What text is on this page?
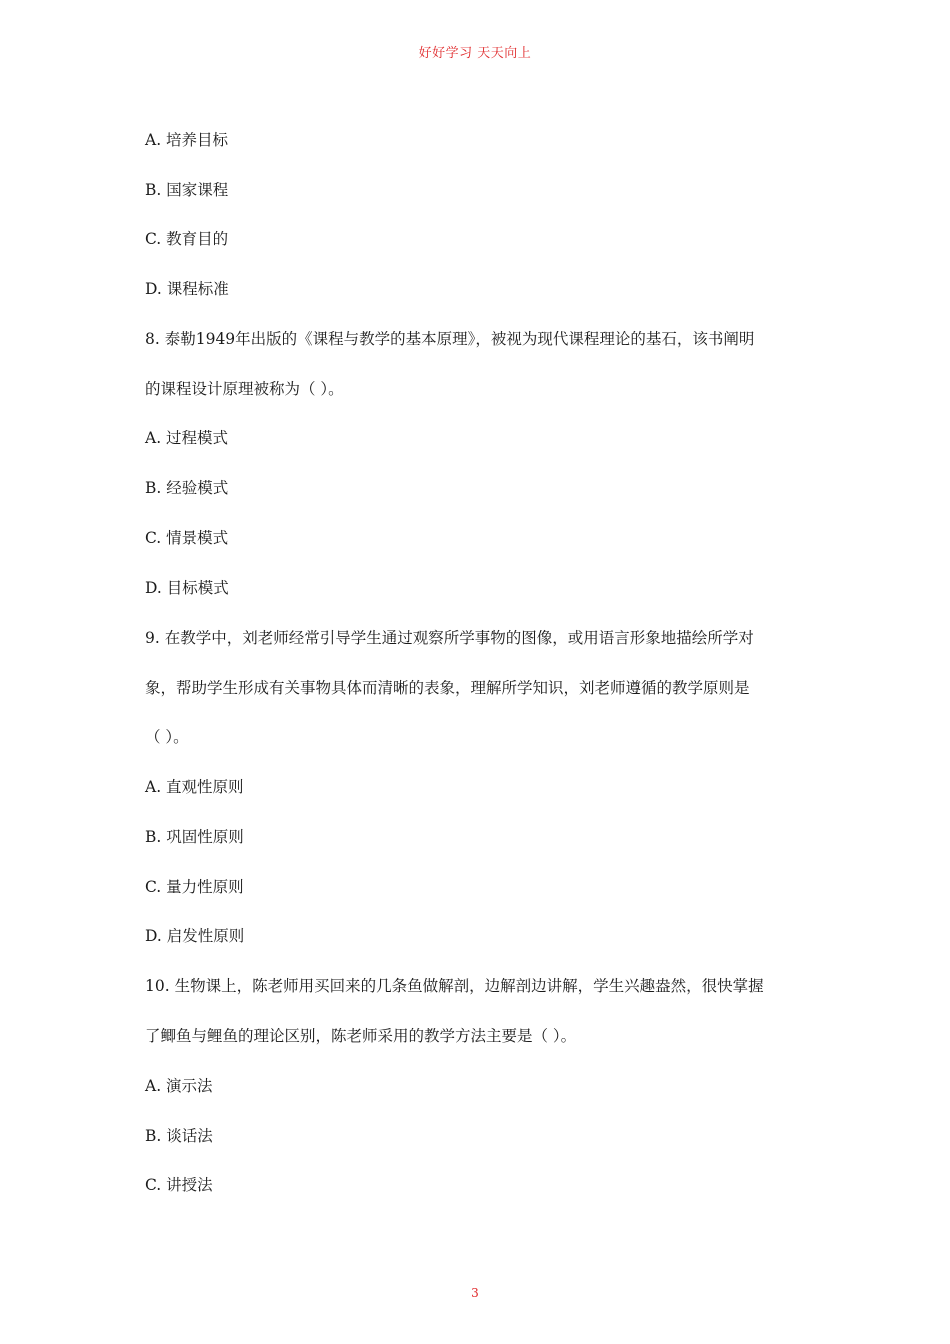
好好学习 天天向上
A. 培养目标
B. 国家课程
C. 教育目的
D. 课程标准
8. 泰勒1949年出版的《课程与教学的基本原理》，被视为现代课程理论的基石，该书阐明
的课程设计原理被称为（ ）。
A. 过程模式
B. 经验模式
C. 情景模式
D. 目标模式
9. 在教学中，刘老师经常引导学生通过观察所学事物的图像，或用语言形象地描绘所学对
象，帮助学生形成有关事物具体而清晰的表象，理解所学知识，刘老师遵循的教学原则是
（ ）。
A. 直观性原则
B. 巩固性原则
C. 量力性原则
D. 启发性原则
10. 生物课上，陈老师用买回来的几条鱼做解剖，边解剖边讲解，学生兴趣盎然，很快掌握
了鲫鱼与鲤鱼的理论区别，陈老师采用的教学方法主要是（ ）。
A. 演示法
B. 谈话法
C. 讲授法
3
